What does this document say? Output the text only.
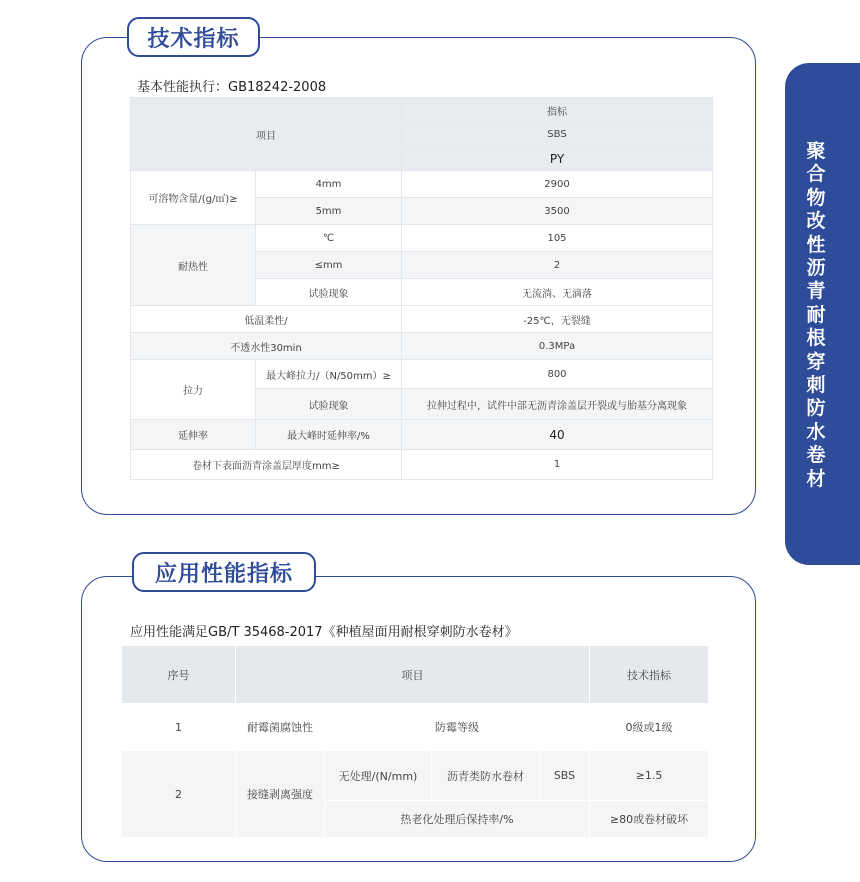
聚合物改性沥青耐根穿刺防水卷材
技术指标
基本性能执行：GB18242-2008
项目		指标
		SBS
		PY
可溶物含量/(g/㎡)≥	4mm	2900
	5mm	3500
耐热性	℃	105
	≤mm	2
	试验现象	无流淌、无滴落
低温柔性/		-25℃，无裂缝
不透水性30min		0.3MPa
拉力	最大峰拉力/（N/50mm）≥	800
	试验现象	拉伸过程中，试件中部无沥青涂盖层开裂或与胎基分离现象
延伸率	最大峰时延伸率/%	40
卷材下表面沥青涂盖层厚度mm≥		1
应用性能指标
应用性能满足GB/T 35468-2017《种植屋面用耐根穿刺防水卷材》
序号	项目				技术指标
1	耐霉菌腐蚀性	防霉等级			0级或1级
2	接缝剥离强度	无处理/(N/mm)	沥青类防水卷材	SBS	≥1.5
		热老化处理后保持率/%			≥80或卷材破坏
